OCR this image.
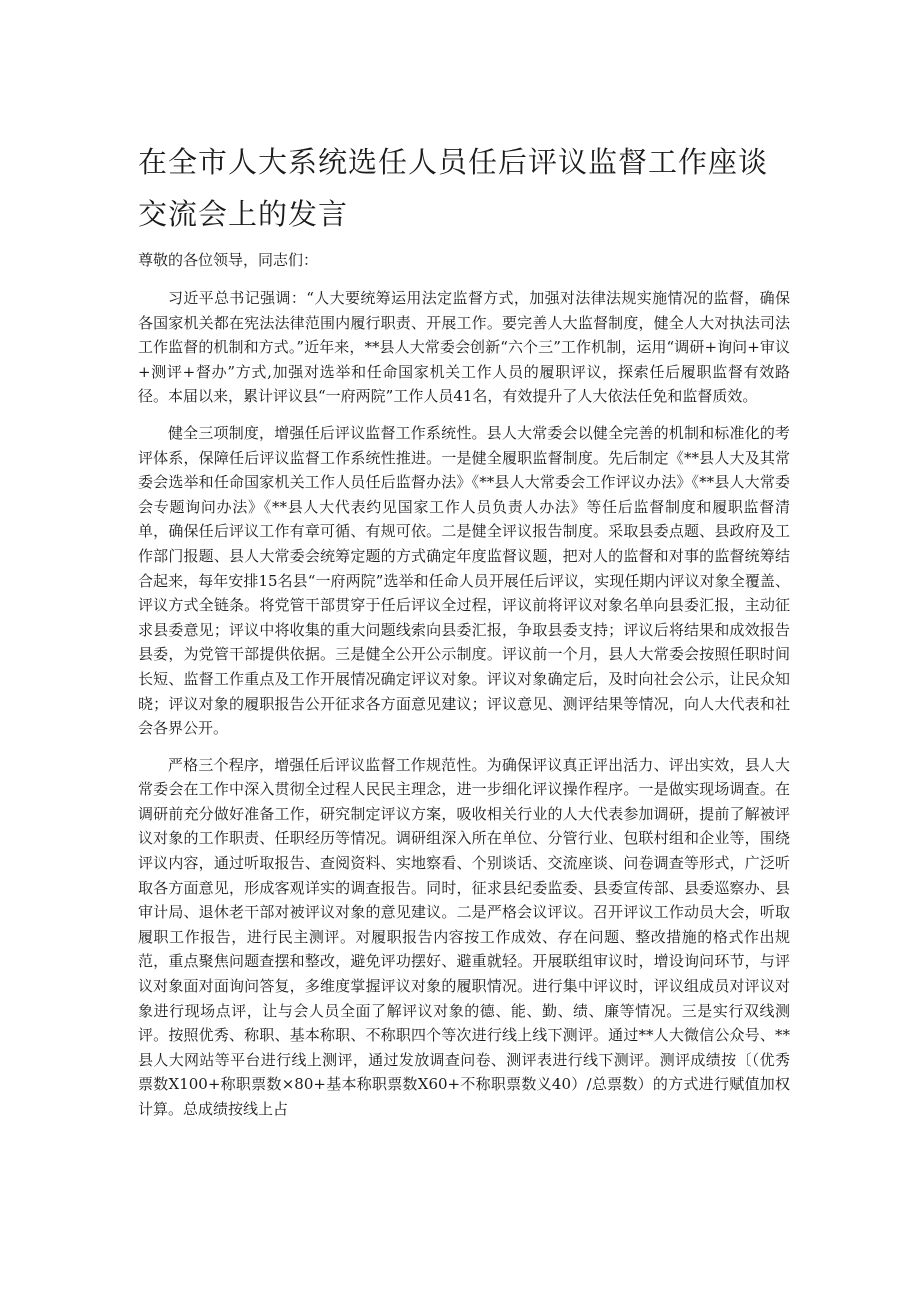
在全市人大系统选任人员任后评议监督工作座谈交流会上的发言

尊敬的各位领导，同志们：

习近平总书记强调：“人大要统筹运用法定监督方式，加强对法律法规实施情况的监督，确保各国家机关都在宪法法律范围内履行职责、开展工作。要完善人大监督制度，健全人大对执法司法工作监督的机制和方式。”近年来，**县人大常委会创新“六个三”工作机制，运用“调研+询问+审议+测评+督办”方式,加强对选举和任命国家机关工作人员的履职评议，探索任后履职监督有效路径。本届以来，累计评议县“一府两院”工作人员41名，有效提升了人大依法任免和监督质效。

健全三项制度，增强任后评议监督工作系统性。县人大常委会以健全完善的机制和标准化的考评体系，保障任后评议监督工作系统性推进。一是健全履职监督制度。先后制定《**县人大及其常委会选举和任命国家机关工作人员任后监督办法》《**县人大常委会工作评议办法》《**县人大常委会专题询问办法》《**县人大代表约见国家工作人员负责人办法》等任后监督制度和履职监督清单，确保任后评议工作有章可循、有规可依。二是健全评议报告制度。采取县委点题、县政府及工作部门报题、县人大常委会统筹定题的方式确定年度监督议题，把对人的监督和对事的监督统筹结合起来，每年安排15名县“一府两院”选举和任命人员开展任后评议，实现任期内评议对象全覆盖、评议方式全链条。将党管干部贯穿于任后评议全过程，评议前将评议对象名单向县委汇报，主动征求县委意见；评议中将收集的重大问题线索向县委汇报，争取县委支持；评议后将结果和成效报告县委，为党管干部提供依据。三是健全公开公示制度。评议前一个月，县人大常委会按照任职时间长短、监督工作重点及工作开展情况确定评议对象。评议对象确定后，及时向社会公示，让民众知晓；评议对象的履职报告公开征求各方面意见建议；评议意见、测评结果等情况，向人大代表和社会各界公开。

严格三个程序，增强任后评议监督工作规范性。为确保评议真正评出活力、评出实效，县人大常委会在工作中深入贯彻全过程人民民主理念，进一步细化评议操作程序。一是做实现场调查。在调研前充分做好准备工作，研究制定评议方案，吸收相关行业的人大代表参加调研，提前了解被评议对象的工作职责、任职经历等情况。调研组深入所在单位、分管行业、包联村组和企业等，围绕评议内容，通过听取报告、查阅资料、实地察看、个别谈话、交流座谈、问卷调查等形式，广泛听取各方面意见，形成客观详实的调查报告。同时，征求县纪委监委、县委宣传部、县委巡察办、县审计局、退休老干部对被评议对象的意见建议。二是严格会议评议。召开评议工作动员大会，听取履职工作报告，进行民主测评。对履职报告内容按工作成效、存在问题、整改措施的格式作出规范，重点聚焦问题查摆和整改，避免评功摆好、避重就轻。开展联组审议时，增设询问环节，与评议对象面对面询问答复，多维度掌握评议对象的履职情况。进行集中评议时，评议组成员对评议对象进行现场点评，让与会人员全面了解评议对象的德、能、勤、绩、廉等情况。三是实行双线测评。按照优秀、称职、基本称职、不称职四个等次进行线上线下测评。通过**人大微信公众号、**县人大网站等平台进行线上测评，通过发放调查问卷、测评表进行线下测评。测评成绩按〔（优秀票数X100+称职票数×80+基本称职票数X60+不称职票数义40）/总票数）的方式进行赋值加权计算。总成绩按线上占
